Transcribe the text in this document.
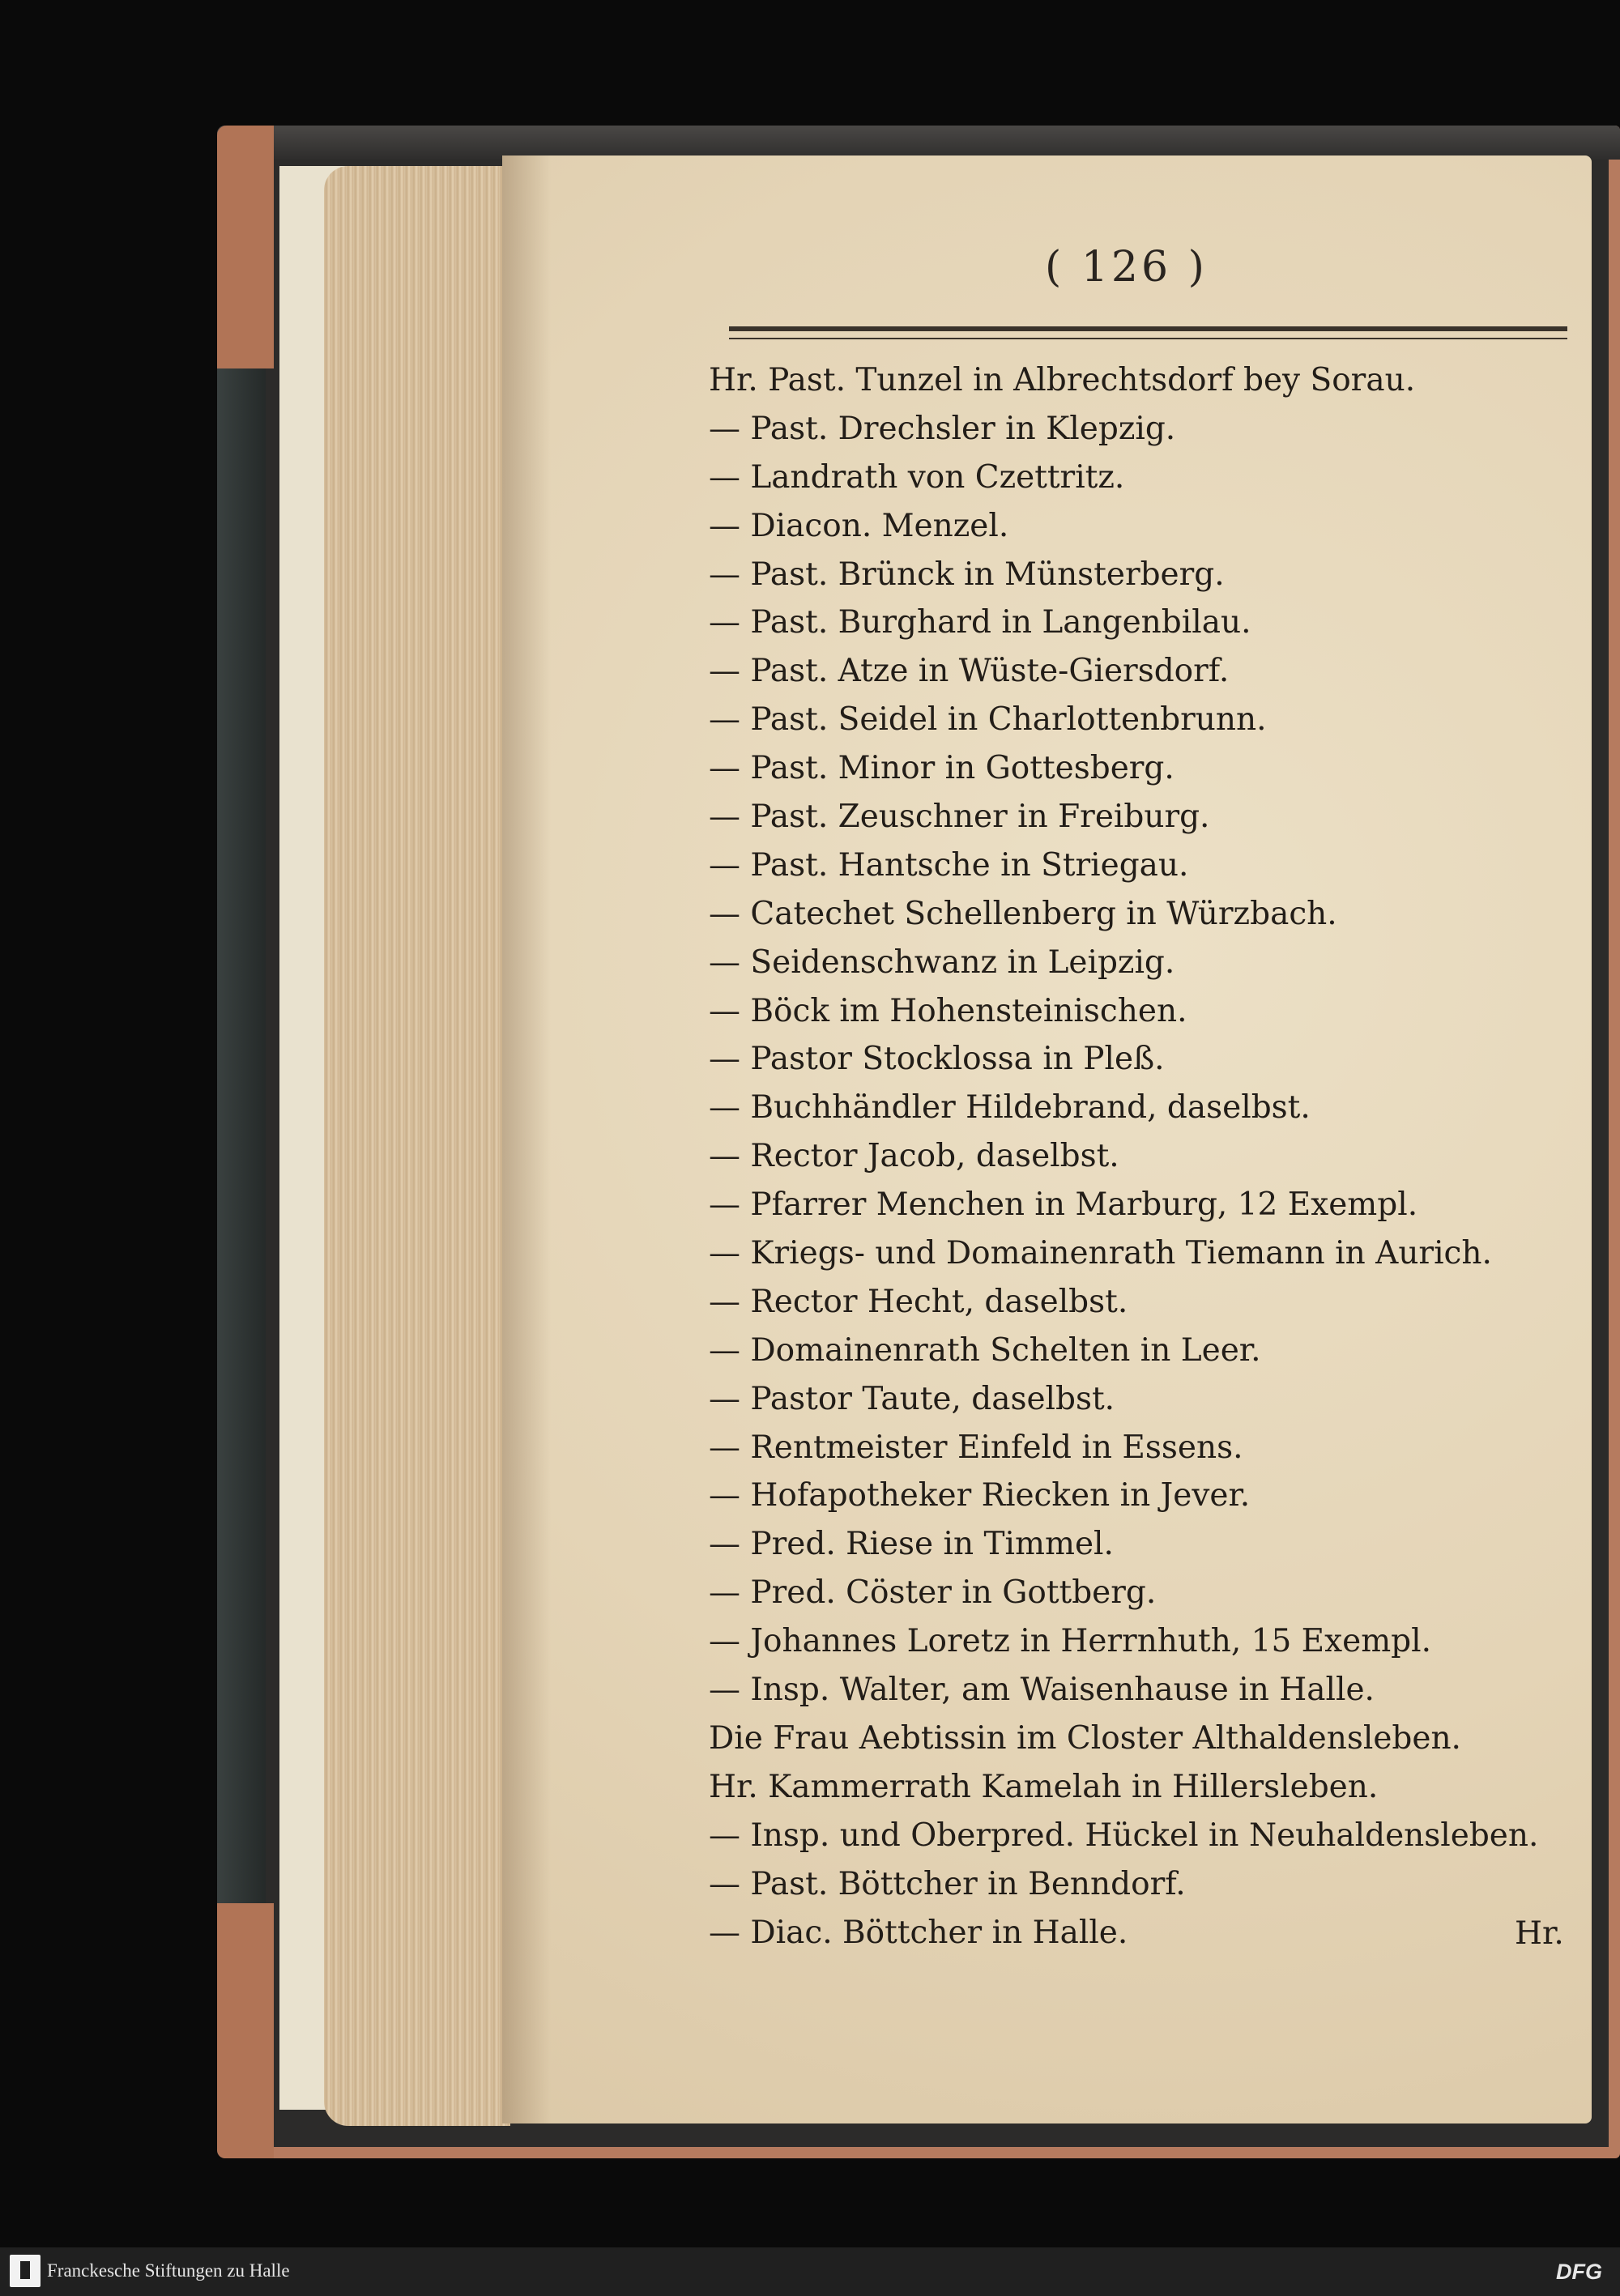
( 126 )
Hr. Past. Tunzel in Albrechtsdorf bey Sorau.
— Past. Drechsler in Klepzig.
— Landrath von Czettritz.
— Diacon. Menzel.
— Past. Brünck in Münsterberg.
— Past. Burghard in Langenbilau.
— Past. Atze in Wüste-Giersdorf.
— Past. Seidel in Charlottenbrunn.
— Past. Minor in Gottesberg.
— Past. Zeuschner in Freiburg.
— Past. Hantsche in Striegau.
— Catechet Schellenberg in Würzbach.
— Seidenschwanz in Leipzig.
— Böck im Hohensteinischen.
— Pastor Stocklossa in Pleß.
— Buchhändler Hildebrand, daselbst.
— Rector Jacob, daselbst.
— Pfarrer Menchen in Marburg, 12 Exempl.
— Kriegs- und Domainenrath Tiemann in Aurich.
— Rector Hecht, daselbst.
— Domainenrath Schelten in Leer.
— Pastor Taute, daselbst.
— Rentmeister Einfeld in Essens.
— Hofapotheker Riecken in Jever.
— Pred. Riese in Timmel.
— Pred. Cöster in Gottberg.
— Johannes Loretz in Herrnhuth, 15 Exempl.
— Insp. Walter, am Waisenhause in Halle.
Die Frau Aebtissin im Closter Althaldensleben.
Hr. Kammerrath Kamelah in Hillersleben.
— Insp. und Oberpred. Hückel in Neuhaldensleben.
— Past. Böttcher in Benndorf.
— Diac. Böttcher in Halle.	Hr.
Franckesche Stiftungen zu Halle	DFG
